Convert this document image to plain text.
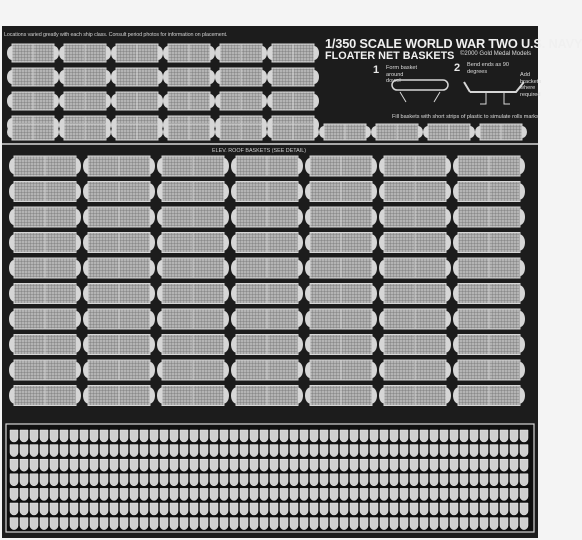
Locations varied greatly with each ship class. Consult period photos for information on placement.
1/350 SCALE WORLD WAR TWO U.S. NAVY
FLOATER NET BASKETS ©2000 Gold Medal Models
1 Form basket around dowel
2 Bend ends as 90 degrees
Add brackets where required
Fill baskets with short strips of plastic to simulate rolls marks
ELEV. ROOF BASKETS (SEE DETAIL)
